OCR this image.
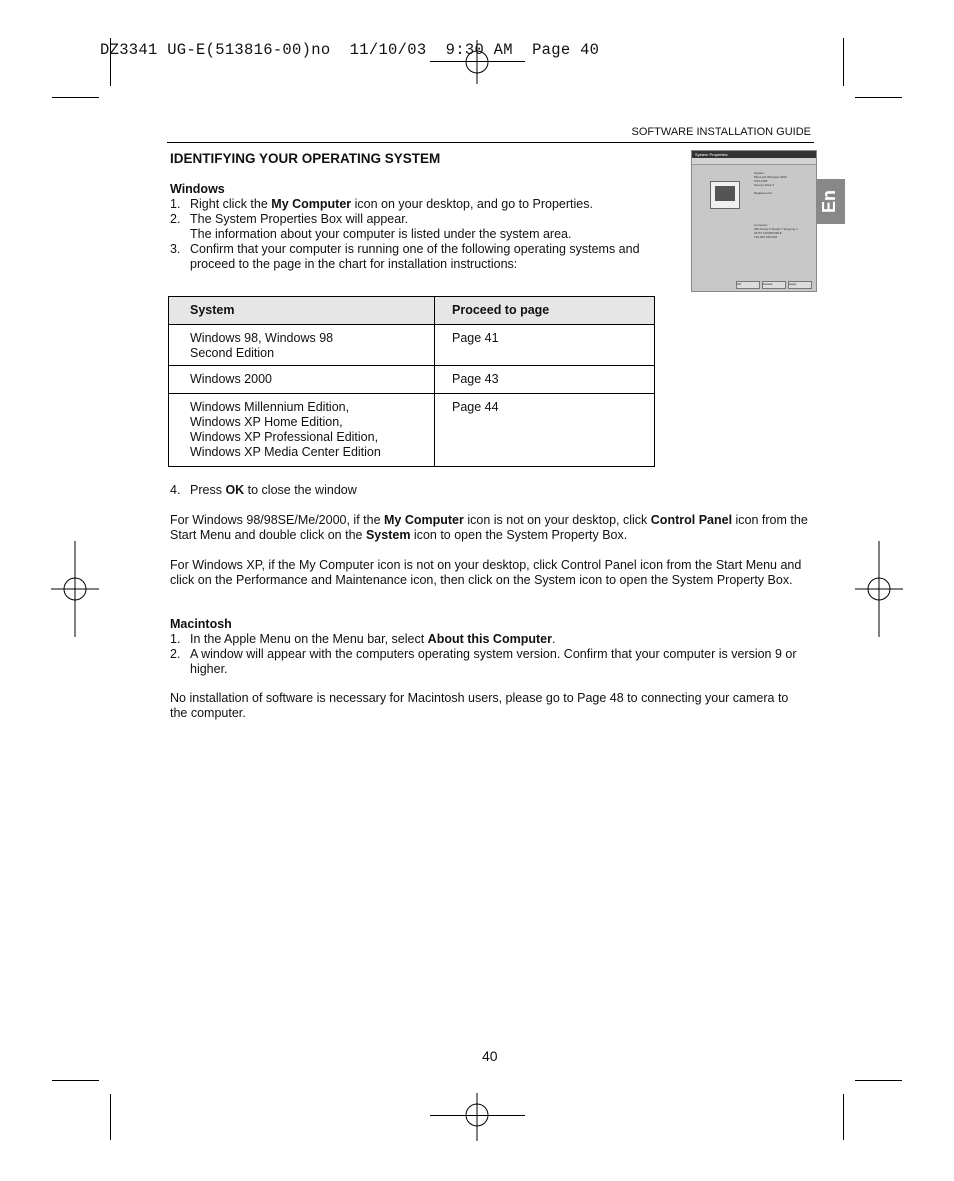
DZ3341 UG-E(513816-00)no  11/10/03  9:30 AM  Page 40
SOFTWARE INSTALLATION GUIDE
En
IDENTIFYING YOUR OPERATING SYSTEM
Windows
1. Right click the My Computer icon on your desktop, and go to Properties.
2. The System Properties Box will appear.
The information about your computer is listed under the system area.
3. Confirm that your computer is running one of the following operating systems and proceed to the page in the chart for installation instructions:
System Properties
System:
Microsoft Windows 2000
5.00.2195
Service Pack 3
Registered to:
Computer:
x86 Family 6 Model 7 Stepping 3
AT/AT COMPATIBLE
130,032 KB RAM
OK	Cancel	Apply
System	Proceed to page

Windows 98, Windows 98
Second Edition	Page 41

Windows 2000	Page 43

Windows Millennium Edition,
Windows XP Home Edition,
Windows XP Professional Edition,
Windows XP Media Center Edition	Page 44
4. Press OK to close the window
For Windows 98/98SE/Me/2000, if the My Computer icon is not on your desktop, click Control Panel icon from the Start Menu and double click on the System icon to open the System Property Box.
For Windows XP, if the My Computer icon is not on your desktop, click Control Panel icon from the Start Menu and click on the Performance and Maintenance icon, then click on the System icon to open the System Property Box.
Macintosh
1. In the Apple Menu on the Menu bar, select About this Computer.
2. A window will appear with the computers operating system version. Confirm that your computer is version 9 or higher.
No installation of software is necessary for Macintosh users, please go to Page 48 to connecting your camera to the computer.
40
